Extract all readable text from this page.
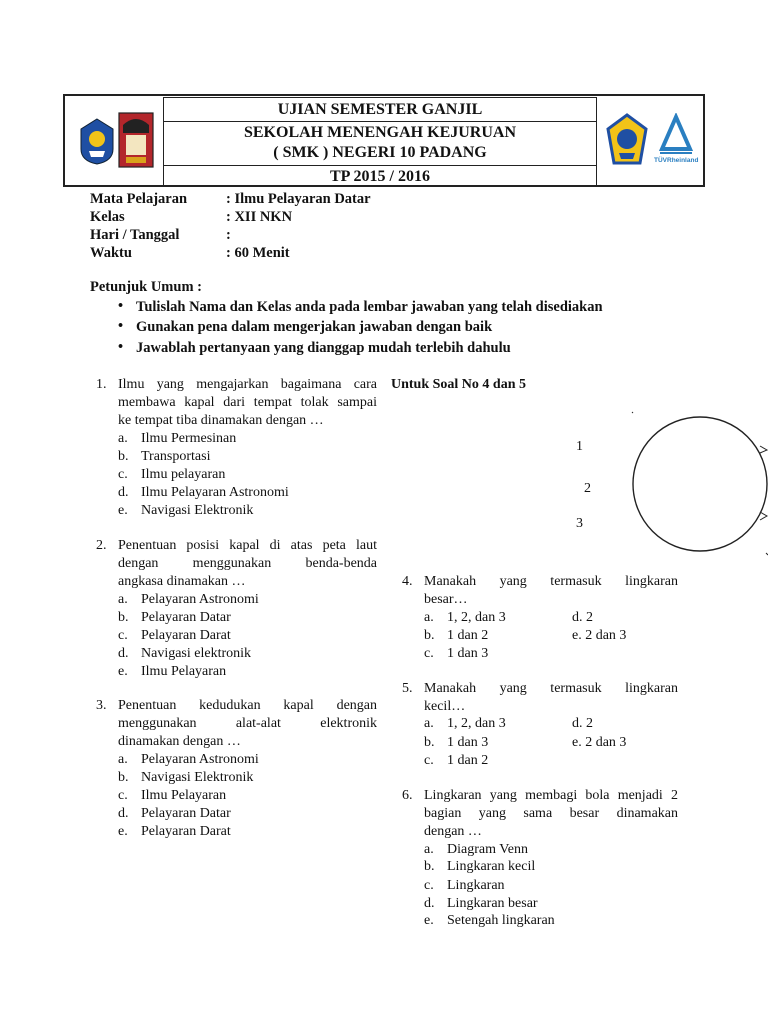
UJIAN SEMESTER GANJIL
SEKOLAH MENENGAH KEJURUAN
( SMK ) NEGERI 10 PADANG
TP 2015 / 2016
TÜVRheinland
Mata Pelajaran	: Ilmu Pelayaran Datar
Kelas	: XII NKN
Hari / Tanggal	:
Waktu	: 60 Menit
Petunjuk Umum :
• Tulislah Nama dan Kelas anda pada lembar jawaban yang telah disediakan
• Gunakan pena dalam mengerjakan jawaban dengan baik
• Jawablah pertanyaan yang dianggap mudah terlebih dahulu
1. Ilmu yang mengajarkan bagaimana cara
membawa kapal dari tempat tolak sampai
ke tempat tiba dinamakan dengan …
a. Ilmu Permesinan
b. Transportasi
c. Ilmu pelayaran
d. Ilmu Pelayaran Astronomi
e. Navigasi Elektronik
2. Penentuan posisi kapal di atas peta laut
dengan menggunakan benda-benda
angkasa dinamakan …
a. Pelayaran Astronomi
b. Pelayaran Datar
c. Pelayaran Darat
d. Navigasi elektronik
e. Ilmu Pelayaran
3. Penentuan kedudukan kapal dengan
menggunakan alat-alat elektronik
dinamakan dengan …
a. Pelayaran Astronomi
b. Navigasi Elektronik
c. Ilmu Pelayaran
d. Pelayaran Datar
e. Pelayaran Darat
Untuk Soal No 4 dan 5
1
2
3
4. Manakah yang termasuk lingkaran
besar…
a. 1, 2, dan 3	d. 2
b. 1 dan 2	e. 2 dan 3
c. 1 dan 3
5. Manakah yang termasuk lingkaran
kecil…
a. 1, 2, dan 3	d. 2
b. 1 dan 3	e. 2 dan 3
c. 1 dan 2
6. Lingkaran yang membagi bola menjadi 2
bagian yang sama besar dinamakan
dengan …
a. Diagram Venn
b. Lingkaran kecil
c. Lingkaran
d. Lingkaran besar
e. Setengah lingkaran
